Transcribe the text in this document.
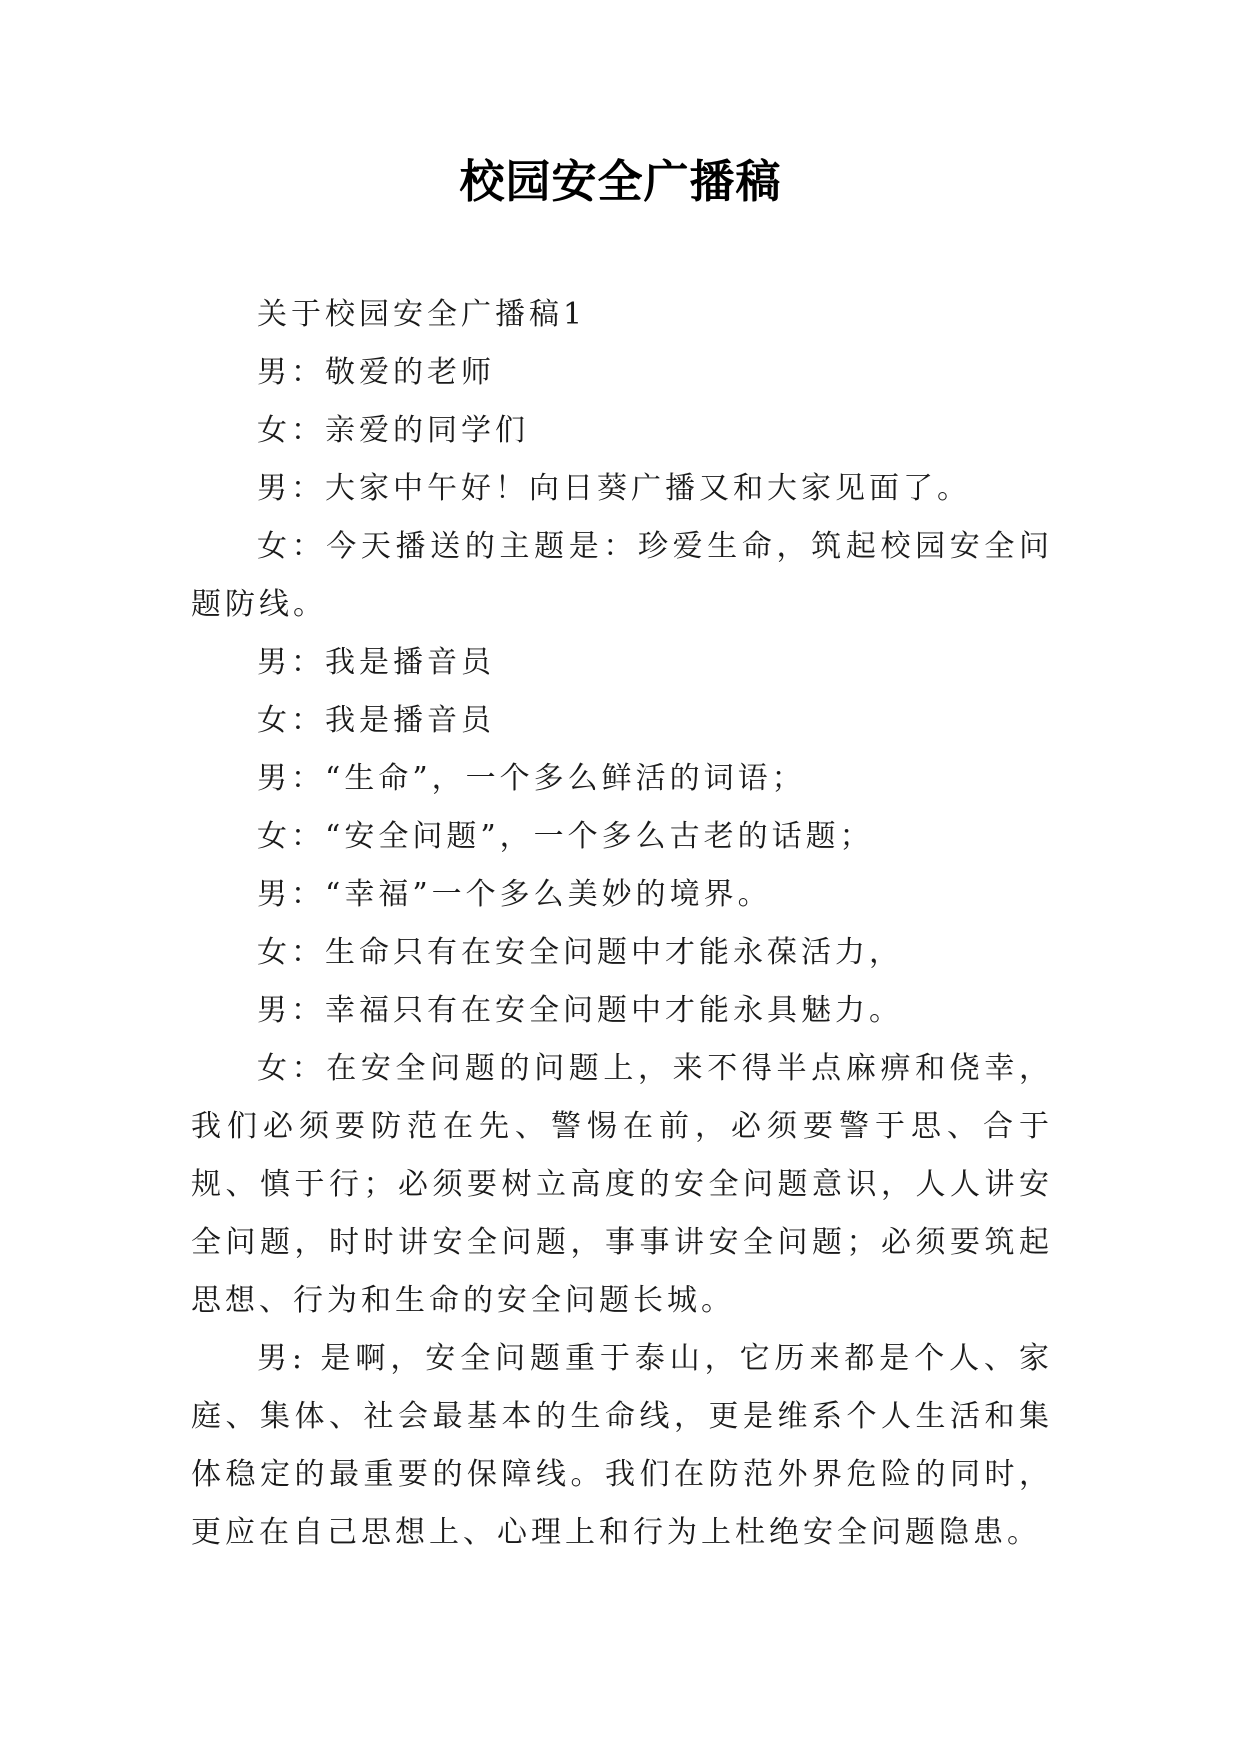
校园安全广播稿

关于校园安全广播稿1

男：敬爱的老师

女：亲爱的同学们

男：大家中午好！向日葵广播又和大家见面了。

女：今天播送的主题是：珍爱生命，筑起校园安全问题防线。

男：我是播音员

女：我是播音员

男：“生命”，一个多么鲜活的词语；

女：“安全问题”，一个多么古老的话题；

男：“幸福”一个多么美妙的境界。

女：生命只有在安全问题中才能永葆活力，

男：幸福只有在安全问题中才能永具魅力。

女：在安全问题的问题上，来不得半点麻痹和侥幸，我们必须要防范在先、警惕在前，必须要警于思、合于规、慎于行；必须要树立高度的安全问题意识，人人讲安全问题，时时讲安全问题，事事讲安全问题；必须要筑起思想、行为和生命的安全问题长城。

男: 是啊，安全问题重于泰山，它历来都是个人、家庭、集体、社会最基本的生命线，更是维系个人生活和集体稳定的最重要的保障线。我们在防范外界危险的同时，更应在自己思想上、心理上和行为上杜绝安全问题隐患。
